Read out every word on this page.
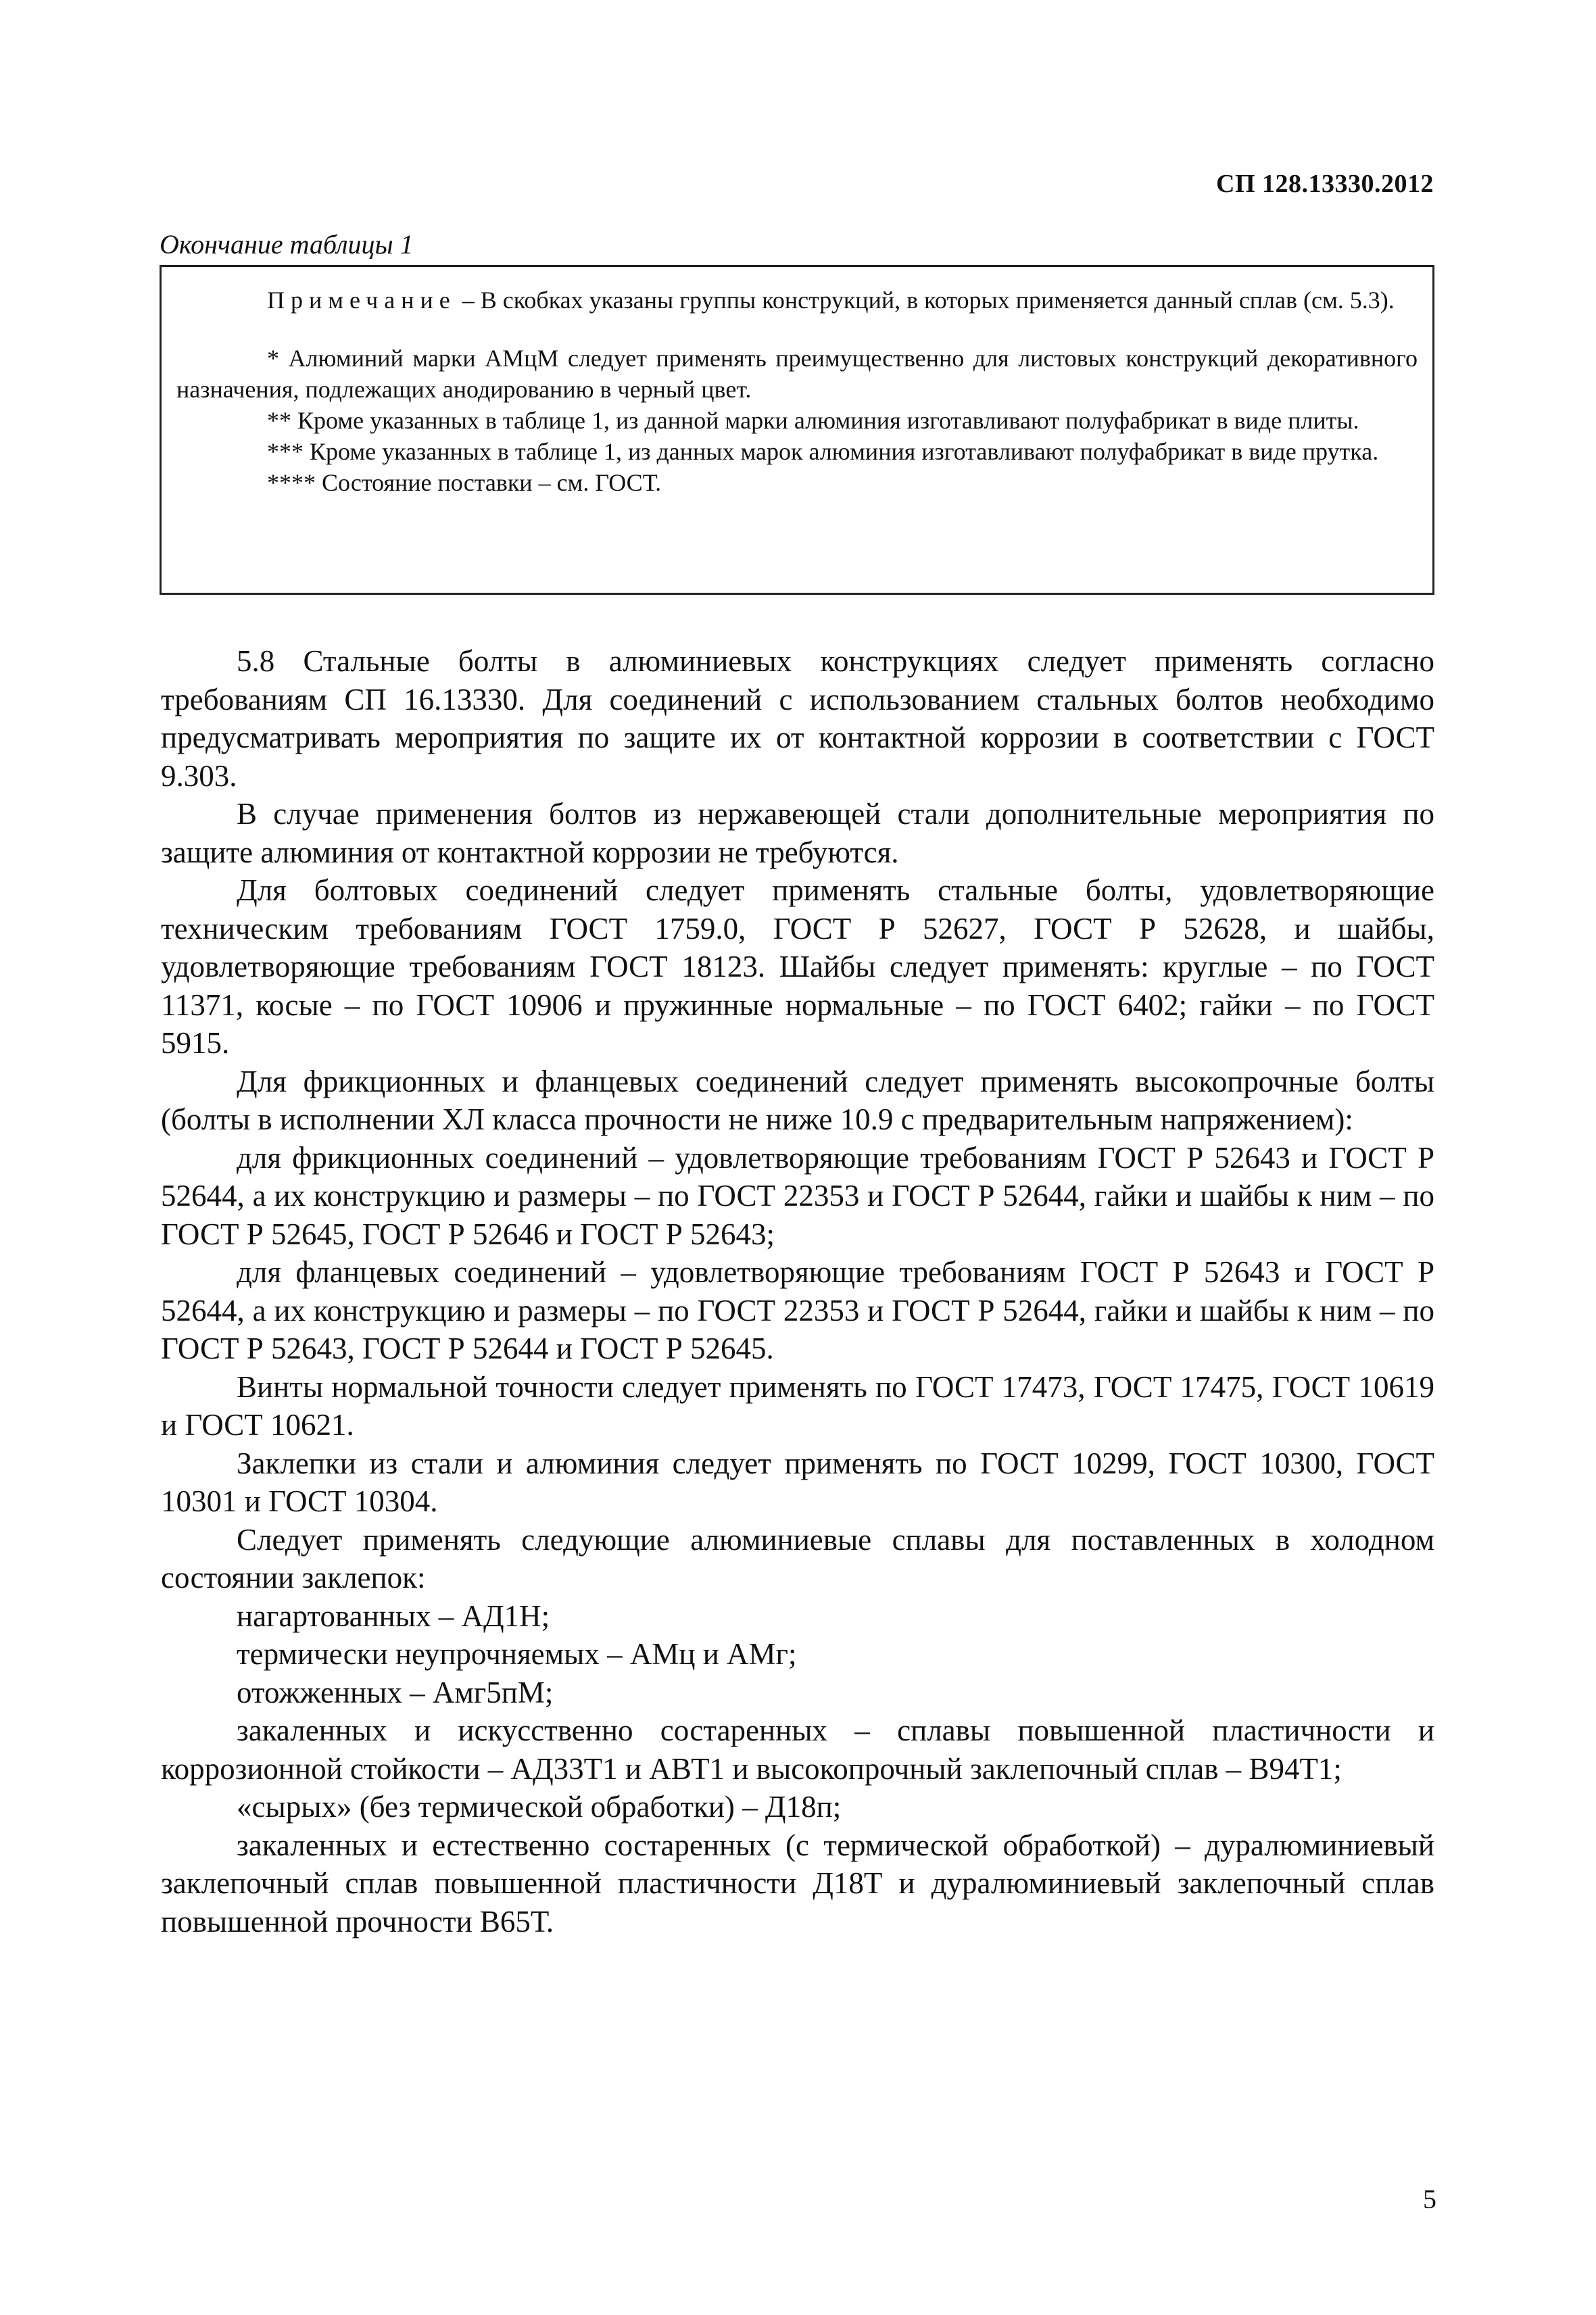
СП 128.13330.2012
Окончание таблицы 1

Примечание – В скобках указаны группы конструкций, в которых применяется данный сплав (см. 5.3).

* Алюминий марки АМцМ следует применять преимущественно для листовых конструкций декоративного назначения, подлежащих анодированию в черный цвет.

** Кроме указанных в таблице 1, из данной марки алюминия изготавливают полуфабрикат в виде плиты.

*** Кроме указанных в таблице 1, из данных марок алюминия изготавливают полуфабрикат в виде прутка.

**** Состояние поставки – см. ГОСТ.

5.8 Стальные болты в алюминиевых конструкциях следует применять согласно требованиям СП 16.13330. Для соединений с использованием стальных болтов необходимо предусматривать мероприятия по защите их от контактной коррозии в соответствии с ГОСТ 9.303.

В случае применения болтов из нержавеющей стали дополнительные мероприятия по защите алюминия от контактной коррозии не требуются.

Для болтовых соединений следует применять стальные болты, удовлетворяющие техническим требованиям ГОСТ 1759.0, ГОСТ Р 52627, ГОСТ Р 52628, и шайбы, удовлетворяющие требованиям ГОСТ 18123. Шайбы следует применять: круглые – по ГОСТ 11371, косые – по ГОСТ 10906 и пружинные нормальные – по ГОСТ 6402; гайки – по ГОСТ 5915.

Для фрикционных и фланцевых соединений следует применять высокопрочные болты (болты в исполнении ХЛ класса прочности не ниже 10.9 с предварительным напряжением):

для фрикционных соединений – удовлетворяющие требованиям ГОСТ Р 52643 и ГОСТ Р 52644, а их конструкцию и размеры – по ГОСТ 22353 и ГОСТ Р 52644, гайки и шайбы к ним – по ГОСТ Р 52645, ГОСТ Р 52646 и ГОСТ Р 52643;

для фланцевых соединений – удовлетворяющие требованиям ГОСТ Р 52643 и ГОСТ Р 52644, а их конструкцию и размеры – по ГОСТ 22353 и ГОСТ Р 52644, гайки и шайбы к ним – по ГОСТ Р 52643, ГОСТ Р 52644 и ГОСТ Р 52645.

Винты нормальной точности следует применять по ГОСТ 17473, ГОСТ 17475, ГОСТ 10619 и ГОСТ 10621.

Заклепки из стали и алюминия следует применять по ГОСТ 10299, ГОСТ 10300, ГОСТ 10301 и ГОСТ 10304.

Следует применять следующие алюминиевые сплавы для поставленных в холодном состоянии заклепок:

нагартованных – АД1Н;

термически неупрочняемых – АМц и АМг;

отожженных – Амг5пМ;

закаленных и искусственно состаренных – сплавы повышенной пластичности и коррозионной стойкости – АД33Т1 и АВТ1 и высокопрочный заклепочный сплав – В94Т1;

«сырых» (без термической обработки) – Д18п;

закаленных и естественно состаренных (с термической обработкой) – дуралюминиевый заклепочный сплав повышенной пластичности Д18Т и дуралюминиевый заклепочный сплав повышенной прочности В65Т.

5
